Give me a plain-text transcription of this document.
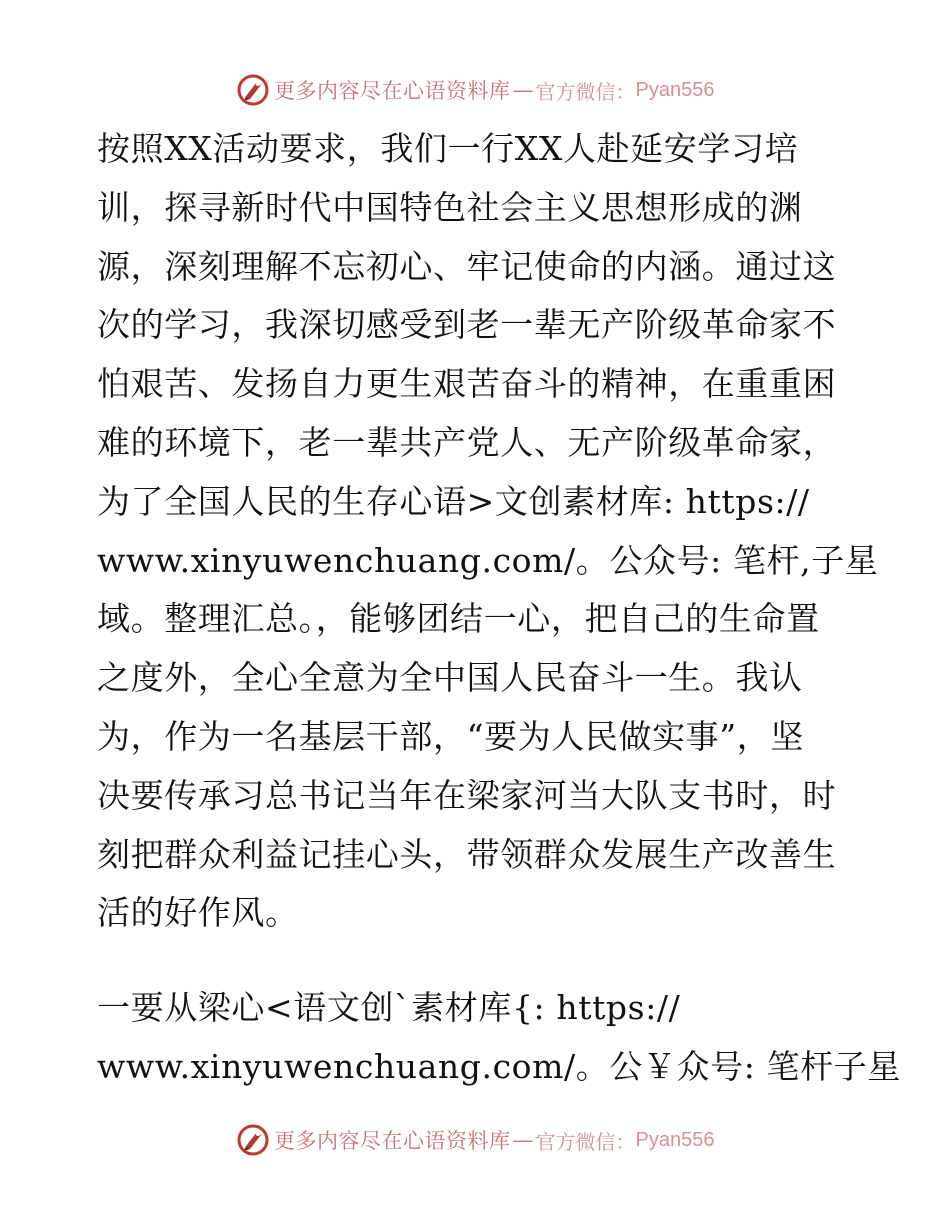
更多内容尽在心语资料库 — 官方微信： Pyan556
按照XX活动要求，我们一行XX人赴延安学习培
训，探寻新时代中国特色社会主义思想形成的渊
源，深刻理解不忘初心、牢记使命的内涵。通过这
次的学习，我深切感受到老一辈无产阶级革命家不
怕艰苦、发扬自力更生艰苦奋斗的精神，在重重困
难的环境下，老一辈共产党人、无产阶级革命家，
为了全国人民的生存心语>文创素材库: https://
www.xinyuwenchuang.com/。公众号: 笔杆,子星
域。整理汇总。，能够团结一心，把自己的生命置
之度外，全心全意为全中国人民奋斗一生。我认
为，作为一名基层干部，“要为人民做实事”，坚
决要传承习总书记当年在梁家河当大队支书时，时
刻把群众利益记挂心头，带领群众发展生产改善生
活的好作风。
一要从梁心<语文创`素材库{: https://
www.xinyuwenchuang.com/。公￥众号: 笔杆子星
更多内容尽在心语资料库 — 官方微信： Pyan556
